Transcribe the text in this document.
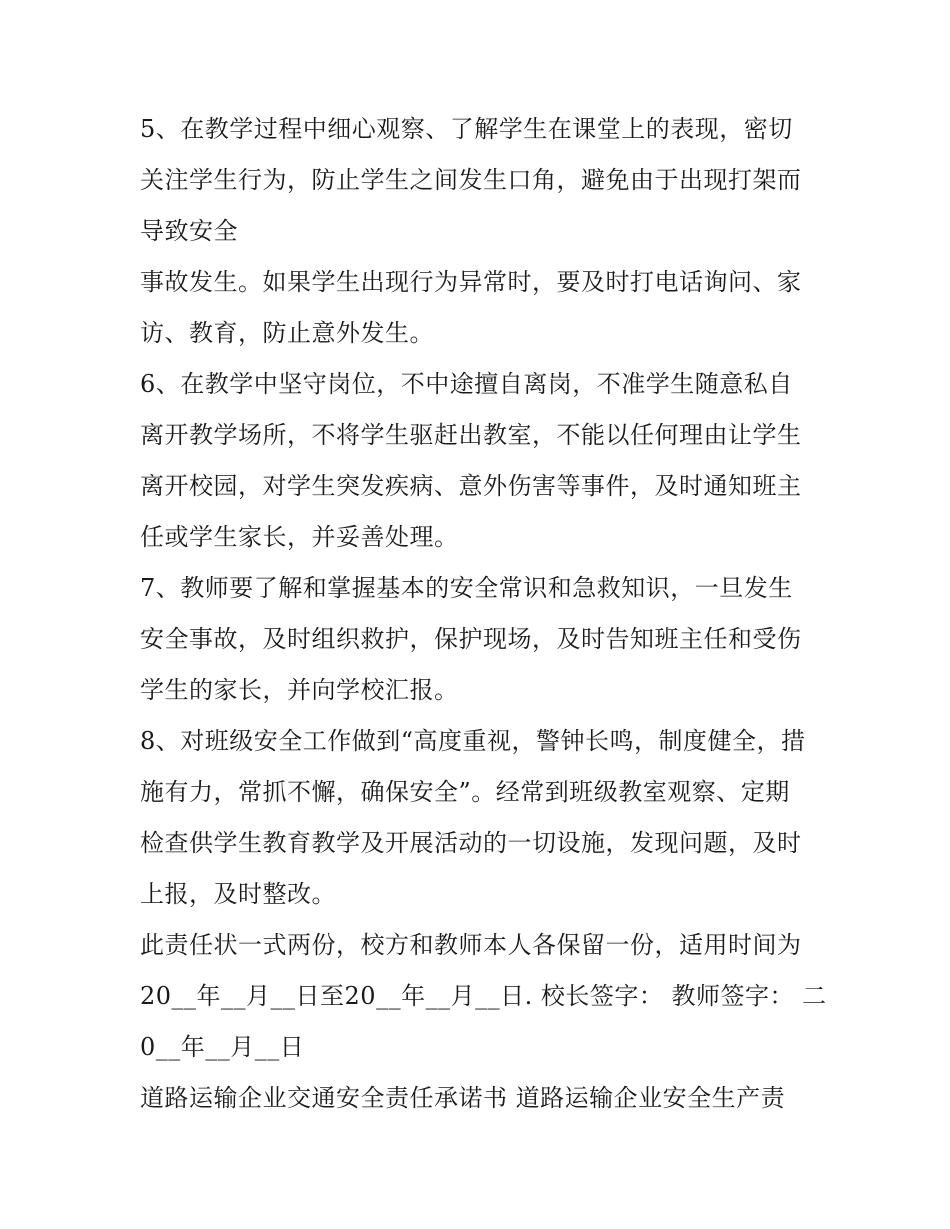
5、在教学过程中细心观察、了解学生在课堂上的表现，密切
关注学生行为，防止学生之间发生口角，避免由于出现打架而
导致安全
事故发生。如果学生出现行为异常时，要及时打电话询问、家
访、教育，防止意外发生。
6、在教学中坚守岗位，不中途擅自离岗，不准学生随意私自
离开教学场所，不将学生驱赶出教室，不能以任何理由让学生
离开校园，对学生突发疾病、意外伤害等事件，及时通知班主
任或学生家长，并妥善处理。
7、教师要了解和掌握基本的安全常识和急救知识，一旦发生
安全事故，及时组织救护，保护现场，及时告知班主任和受伤
学生的家长，并向学校汇报。
8、对班级安全工作做到“高度重视，警钟长鸣，制度健全，措
施有力，常抓不懈，确保安全”。经常到班级教室观察、定期
检查供学生教育教学及开展活动的一切设施，发现问题，及时
上报，及时整改。
此责任状一式两份，校方和教师本人各保留一份，适用时间为
20__年__月__日至20__年__月__日. 校长签字： 教师签字： 二
0__年__月__日
道路运输企业交通安全责任承诺书 道路运输企业安全生产责
